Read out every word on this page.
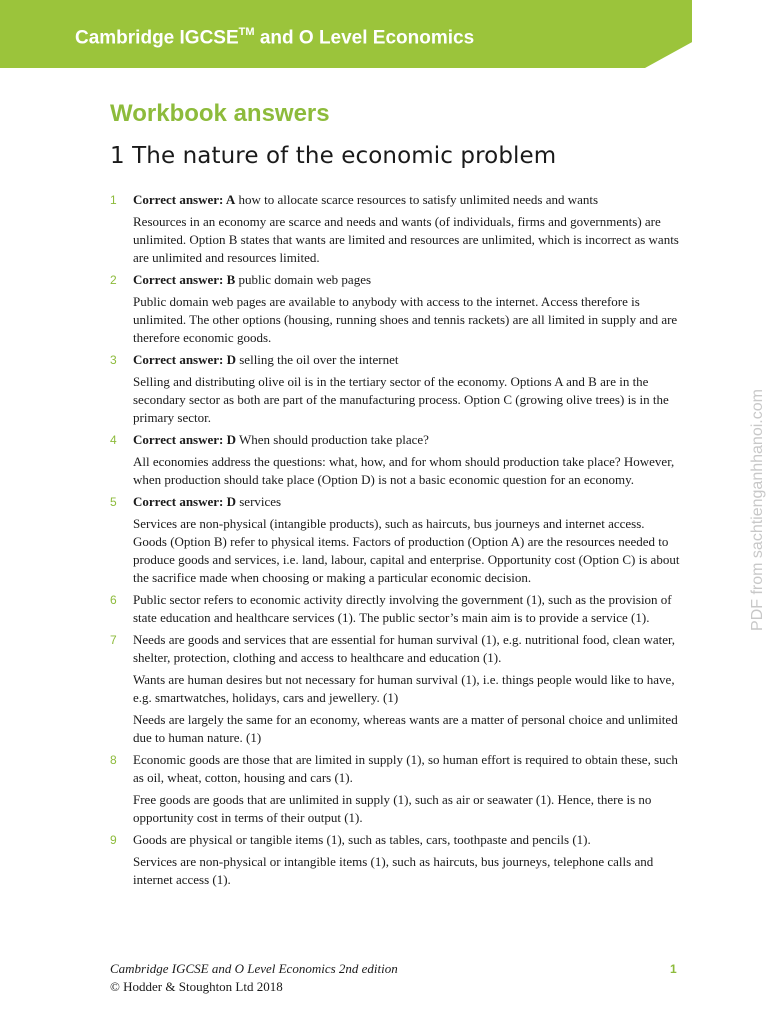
Cambridge IGCSE™ and O Level Economics
Workbook answers
1 The nature of the economic problem
1 Correct answer: A how to allocate scarce resources to satisfy unlimited needs and wants

Resources in an economy are scarce and needs and wants (of individuals, firms and governments) are unlimited. Option B states that wants are limited and resources are unlimited, which is incorrect as wants are unlimited and resources limited.

2 Correct answer: B public domain web pages

Public domain web pages are available to anybody with access to the internet. Access therefore is unlimited. The other options (housing, running shoes and tennis rackets) are all limited in supply and are therefore economic goods.

3 Correct answer: D selling the oil over the internet

Selling and distributing olive oil is in the tertiary sector of the economy. Options A and B are in the secondary sector as both are part of the manufacturing process. Option C (growing olive trees) is in the primary sector.

4 Correct answer: D When should production take place?

All economies address the questions: what, how, and for whom should production take place? However, when production should take place (Option D) is not a basic economic question for an economy.

5 Correct answer: D services

Services are non-physical (intangible products), such as haircuts, bus journeys and internet access. Goods (Option B) refer to physical items. Factors of production (Option A) are the resources needed to produce goods and services, i.e. land, labour, capital and enterprise. Opportunity cost (Option C) is about the sacrifice made when choosing or making a particular economic decision.

6 Public sector refers to economic activity directly involving the government (1), such as the provision of state education and healthcare services (1). The public sector’s main aim is to provide a service (1).

7 Needs are goods and services that are essential for human survival (1), e.g. nutritional food, clean water, shelter, protection, clothing and access to healthcare and education (1).

Wants are human desires but not necessary for human survival (1), i.e. things people would like to have, e.g. smartwatches, holidays, cars and jewellery. (1)

Needs are largely the same for an economy, whereas wants are a matter of personal choice and unlimited due to human nature. (1)

8 Economic goods are those that are limited in supply (1), so human effort is required to obtain these, such as oil, wheat, cotton, housing and cars (1).

Free goods are goods that are unlimited in supply (1), such as air or seawater (1). Hence, there is no opportunity cost in terms of their output (1).

9 Goods are physical or tangible items (1), such as tables, cars, toothpaste and pencils (1).

Services are non-physical or intangible items (1), such as haircuts, bus journeys, telephone calls and internet access (1).

Cambridge IGCSE and O Level Economics 2nd edition
© Hodder & Stoughton Ltd 2018
1
PDF from sachtienganhhanoi.com
